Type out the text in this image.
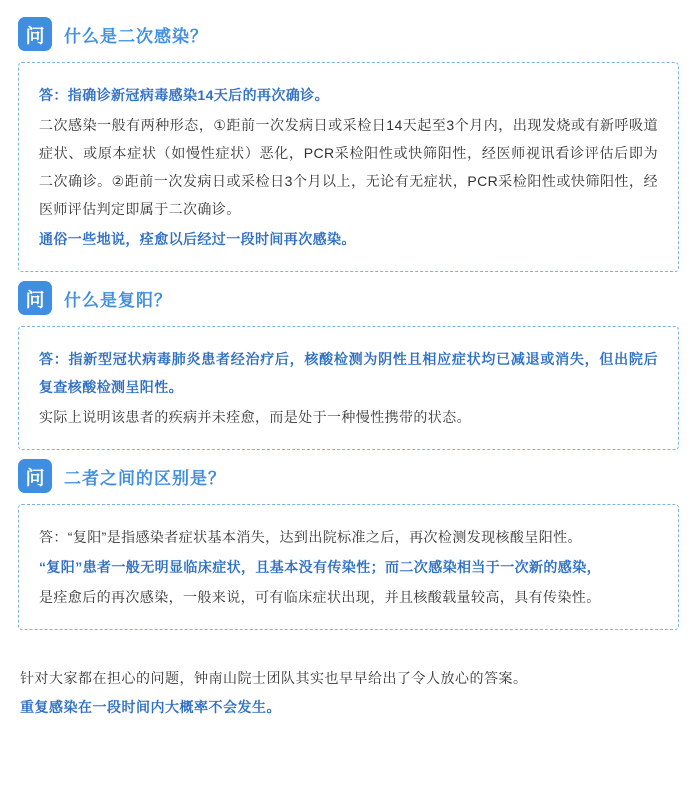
问	什么是二次感染？

答：指确诊新冠病毒感染14天后的再次确诊。

二次感染一般有两种形态，①距前一次发病日或采检日14天起至3个月内，出现发烧或有新呼吸道症状、或原本症状（如慢性症状）恶化，PCR采检阳性或快筛阳性，经医师视讯看诊评估后即为二次确诊。②距前一次发病日或采检日3个月以上，无论有无症状，PCR采检阳性或快筛阳性，经医师评估判定即属于二次确诊。

通俗一些地说，痊愈以后经过一段时间再次感染。

问	什么是复阳？

答：指新型冠状病毒肺炎患者经治疗后，核酸检测为阴性且相应症状均已减退或消失，但出院后复查核酸检测呈阳性。

实际上说明该患者的疾病并未痊愈，而是处于一种慢性携带的状态。

问	二者之间的区别是？

答：“复阳”是指感染者症状基本消失，达到出院标准之后，再次检测发现核酸呈阳性。

“复阳”患者一般无明显临床症状，且基本没有传染性；而二次感染相当于一次新的感染，

是痊愈后的再次感染，一般来说，可有临床症状出现，并且核酸载量较高，具有传染性。

针对大家都在担心的问题，钟南山院士团队其实也早早给出了令人放心的答案。

重复感染在一段时间内大概率不会发生。
